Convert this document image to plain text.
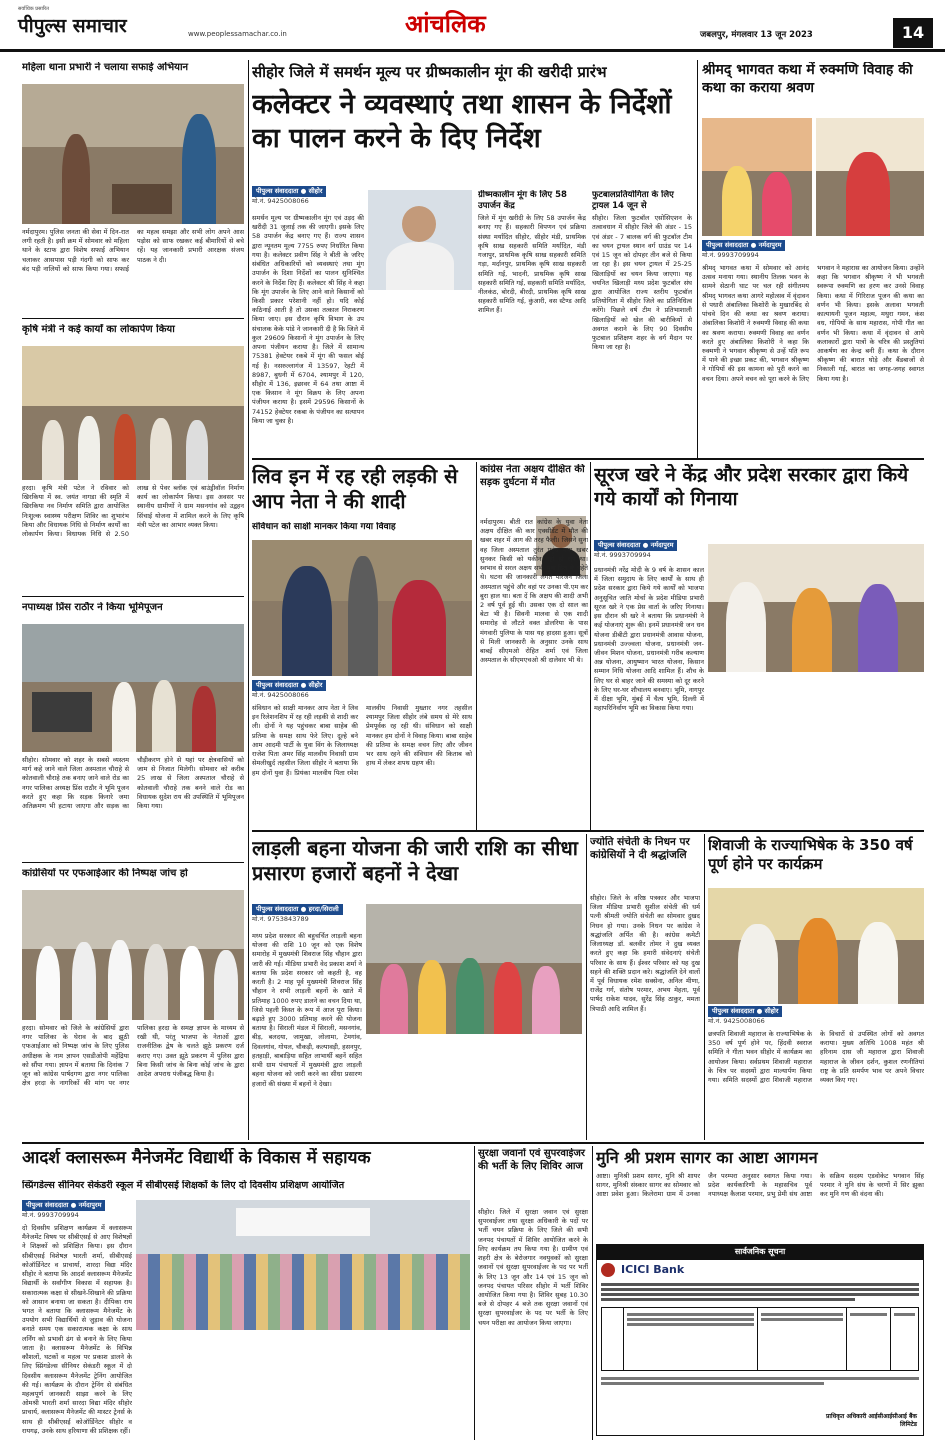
सर्वाधिक प्रसारित
पीपुल्स समाचार	www.peoplessamachar.co.in	आंचलिक	जबलपुर, मंगलवार 13 जून 2023	14
महिला थाना प्रभारी ने चलाया सफाई अभियान
नर्मदापुरम। पुलिस जनता की सेवा में दिन-रात लगी रहती है। इसी क्रम में सोमवार को महिला थाने के स्टाफ द्वारा विशेष सफाई अभियान चलाकर आसपास पड़ी गंदगी को साफ कर बंद पड़ी नालियों को साफ किया गया। सफाई का महत्व समझा और सभी लोग अपने आस पड़ोस को साफ रखकर कई बीमारियों से बचे रहें। यह जानकारी प्रभारी आरक्षक संजय पाठक ने दी।
कृषि मंत्री ने कई कार्यों का लोकार्पण किया
हरदा। कृषि मंत्री पटेल ने रविवार को खिरकिया में स्व. जयंत नागडा की स्मृति में खिरकिया नव निर्माण समिति द्वारा आयोजित निःशुल्क स्वास्थ्य परीक्षण शिविर का शुभारंभ किया और विधायक निधि से निर्माण कार्यों का लोकार्पण किया। विधायक निधि से 2.50 लाख से पेवर ब्लॉक एवं बाउंड्रीवॉल निर्माण कार्य का लोकार्पण किया। इस अवसर पर स्थानीय ग्रामीणों ने ग्राम मसनगांव को उद्वहन सिंचाई योजना में शामिल करने के लिए कृषि मंत्री पटेल का आभार व्यक्त किया।
नपाध्यक्ष प्रिंस राठौर ने किया भूमिपूजन
सीहोर। सोमवार को शहर के सबसे व्यस्तम मार्ग कहे जाने वाले जिला अस्पताल चौराहे से कोतवाली चौराहे तक बनाए जाने वाले रोड का नगर पालिका अध्यक्ष प्रिंस राठौर ने भूमि पूजन करते हुए कहा कि सड़क किनारे जमा अतिक्रमण भी हटाया जाएगा और सड़क का चौड़ीकरण होने से यहां पर क्षेत्रवासियों को जाम से निजात मिलेगी। सोमवार को करीब 25 लाख से जिला अस्पताल चौराहे से कोतवाली चौराहे तक बनने वाले रोड का विधायक सुदेश राय की उपस्थिति में भूमिपूजन किया गया।
कांग्रेसियों पर एफआईआर की निष्पक्ष जांच हो
हरदा। सोमवार को जिले के कांग्रेसियों द्वारा नगर पालिका के घेराव के बाद झूठी एफआईआर को निष्पक्ष जांच के लिए पुलिस अधीक्षक के नाम ज्ञापन एसडीओपी महेंद्रिया को सौंपा गया। ज्ञापन में बताया कि दिनांक 7 जून को कांग्रेस पार्षदगण द्वारा नगर पालिका क्षेत्र हरदा के नागरिकों की मांग पर नगर पालिका हरदा के समक्ष ज्ञापन के माध्यम से रखी थी, परंतु भाजपा के नेताओं द्वारा राजनीतिक द्वेष के चलते झूठे प्रकरण दर्ज कराए गए। उक्त झूठे प्रकरण में पुलिस द्वारा बिना किसी जांच के बिना कोई जांच के द्वारा आदेश अपराध पंजीबद्ध किया है।
सीहोर जिले में समर्थन मूल्य पर ग्रीष्मकालीन मूंग की खरीदी प्रारंभ
कलेक्टर ने व्यवस्थाएं तथा शासन के निर्देशों का पालन करने के दिए निर्देश
पीपुल्स संवाददाता ● सीहोर
मो.नं. 9425008066
समर्थन मूल्य पर ग्रीष्मकालीन मूंग एवं उड़द की खरीदी 31 जुलाई तक की जाएगी। इसके लिए 58 उपार्जन केंद्र बनाए गए हैं। राज्य शासन द्वारा न्यूनतम मूल्य 7755 रुपए निर्धारित किया गया है। कलेक्टर प्रवीण सिंह ने बीती के जरिए संबंधित अधिकारियों को व्यवस्थाएं तथा मूंग उपार्जन के दिशा निर्देशों का पालन सुनिश्चित करने के निर्देश दिए हैं। कलेक्टर श्री सिंह ने कहा कि मूंग उपार्जन के लिए आने वाले किसानों को किसी प्रकार परेशानी नहीं हो। यदि कोई कठिनाई आती है तो उसका तत्काल निराकरण किया जाए। इस दौरान कृषि विभाग के उप संचालक केके पांडे ने जानकारी दी है कि जिले में कुल 29609 किसानों ने मूंग उपार्जन के लिए अपना पंजीयन कराया है। जिले में सामान्य 75381 हेक्टेयर रकबे में मूंग की फसल बोई गई है। नसरुल्लागंज में 13597, रेहटी में 8987, बुधनी में 6704, श्यामपुर में 120, सीहोर में 136, इछावर में 64 तथा आष्टा में एक किसान ने मूंग विक्रय के लिए अपना पंजीयन कराया है। इसमें 29596 किसानों के 74152 हेक्टेयर रकबा के पंजीयन का सत्यापन किया जा चुका है।
ग्रीष्मकालीन मूंग के लिए 58 उपार्जन केंद्र
जिले में मूंग खरीदी के लिए 58 उपार्जन केंद्र बनाए गए हैं। सहकारी विपणन एवं प्रक्रिया संस्था मर्यादित सीहोर, सीहोर मंडी, प्राथमिक कृषि साख सहकारी समिति मर्यादित, मंडी गजापुर, प्राथमिक कृषि साख सहकारी समिति गड़ा, मर्दानपुर, प्राथमिक कृषि साख सहकारी समिति गई, भादनी, प्राथमिक कृषि साख सहकारी समिति गई, सहकारी समिति मर्यादित, नीलकंठ, बोरदी, बीरदी, प्राथमिक कृषि साख सहकारी समिति गई, कुंआरी, वस स्टैण्ड आदि शामिल हैं।
फुटबालप्रतियोगिता के लिए ट्रायल 14 जून से
सीहोर। जिला फुटबॉल एसोसिएशन के तत्वावधान में सीहोर जिले की अंडर - 15 एवं अंडर - 7 बालक वर्ग की फुटबॉल टीम का चयन ट्रायल स्थान वर्ग ग्राउंड पर 14 एवं 15 जून को दोपहर तीन बजे से किया जा रहा है। इस चयन ट्रायल में 25-25 खिलाड़ियों का चयन किया जाएगा। यह चयनित खिलाड़ी मध्य प्रदेश फुटबॉल संघ द्वारा आयोजित राज्य स्तरीय फुटबॉल प्रतियोगिता में सीहोर जिले का प्रतिनिधित्व करेंगे। पिछले वर्ष टीम ने प्रतिभाशाली खिलाड़ियों को खेल की बारीकियों से अवगत कराने के लिए 90 दिवसीय फुटबाल प्रशिक्षण शहर के वर्ग मैदान पर किया जा रहा है।
श्रीमद् भागवत कथा में रुक्मणि विवाह की कथा का कराया श्रवण
पीपुल्स संवाददाता ● नर्मदापुरम
मो.नं. 9993709994
श्रीमद् भागवत कथा में सोमवार को आनंद उत्सव मनाया गया। स्थानीय तिलक भवन के सामने सेठानी घाट पर चल रही संगीतमय श्रीमद् भागवत कथा आगरे महोत्सव में वृंदावन से पधारी अंबालिका किशोरी के मुखारबिंद से पांचवे दिन की कथा का श्रवण कराया। अंबालिका किशोरी ने रुक्मणी विवाह की कथा का श्रवण कराया। रुक्मणी विवाह का वर्णन करते हुए अंबालिका किशोरी ने कहा कि रुक्मणी ने भगवान श्रीकृष्ण से उन्हें पति रूप में पाने की इच्छा प्रकट की, भगवान श्रीकृष्ण ने गोपियों की इस कामना को पूरी करने का वचन दिया। अपने वचन को पूरा करने के लिए भगवान ने महारास का आयोजन किया। उन्होंने कहा कि भगवान श्रीकृष्ण ने भी भगवती स्वरूपा रुक्मणि का हरण कर उनसे विवाह किया। कथा में गिरिराज पूजन की कथा का वर्णन भी किया। इसके अलावा भगवती कात्यायनी पूजन महात्म, मथुरा गमन, कंस वध, गोपियों के साथ महारास, गोपी गीत का वर्णन भी किया। कथा में वृंदावन से आये कलाकारों द्वारा पात्रों के चरित्र की प्रस्तुतियां आकर्षण का केन्द्र बनी हैं। कथा के दौरान श्रीकृष्ण की बारात घोड़े और बैंडबाजों से निकाली गई, बारात का जगह-जगह स्वागत किया गया है।
लिव इन में रह रही लड़की से आप नेता ने की शादी
संविधान को साक्षी मानकर किया गया विवाह
पीपुल्स संवाददाता ● सीहोर
मो.नं. 9425008066
संविधान को साक्षी मानकर आप नेता ने लिव इन रिलेशनशिप में रह रही लड़की से शादी कर ली। दोनों ने यह पहुंचकर बाबा साहेब की प्रतिमा के समक्ष साथ फेरे लिए। दूल्हे बने आम आदमी पार्टी के युवा विंग के जिलाध्यक्ष राजेश पिता अमर सिंह मालवीय निवासी ग्राम सेमलीखुर्द तहसील जिला सीहोर ने बताया कि हम दोनों युवा हैं। प्रियंका मालवीय पिता रमेश मालवीय निवासी मुख्तार नगर तहसील श्यामपुर जिला सीहोर लंबे समय से मेरे साथ प्रेमपूर्वक रह रही थी। संविधान को साक्षी मानकर हम दोनों ने विवाह किया। बाबा साहेब की प्रतिमा के समक्ष वचन लिए और जीवन भर साथ रहने की संविधान की किताब को हाथ में लेकर शपथ ग्रहण की।
कांग्रेस नेता अक्षय दीक्षित की सड़क दुर्घटना में मौत
नर्मदापुरम। बीती रात कांग्रेस के युवा नेता अक्षय दीक्षित की कार एक्सीडेंट में मौत की खबर शहर में आग की तरह फैली। जिसने सुना वह जिला अस्पताल तुरंत पहुंच गया खबर सुनकर किसी को यकीन नहीं हो रहा था। स्वभाव से सरल अक्षय सभी युवा दिल के चहेते थे। घटना की जानकारी लगते परिजन जिला अस्पताल पहुंचे और वहां पर उनका पी.एम कर बुरा हाल था। बता दें कि अक्षय की शादी अभी 2 वर्ष पूर्व हुई थी। उसका एक दो साल का बेटा भी है। सिवनी मालवा से एक शादी समारोह से लौटते वक्त डोलरिया के पास मंगवारी पुलिया के पास यह हादसा हुआ। सूत्रों से मिली जानकारी के अनुसार उनके साथ बाबई सीएमओ रोहित शर्मा एवं जिला अस्पताल के सीएमएचओ श्री दालेवार भी थे।
सूरज खरे ने केंद्र और प्रदेश सरकार द्वारा किये गये कार्यों को गिनाया
पीपुल्स संवाददाता ● नर्मदापुरम
मो.नं. 9993709994
प्रधानमंत्री नरेंद्र मोदी के 9 वर्ष के शासन काल में जिला समुदाय के लिए कार्यों के साथ ही प्रदेश सरकार द्वारा किये गये कार्यों को भाजपा अनुसूचित जाति मोर्चा के प्रदेश मीडिया प्रभारी सूरज खरे ने एक प्रेस वार्ता के जरिए गिनाया। इस दौरान श्री खरे ने बताया कि प्रधानमंत्री ने कई योजनाएं शुरू की। इनमें प्रधानमंत्री जन धन योजना डीबीटी द्वारा प्रधानमंत्री आवास योजना, प्रधानमंत्री उज्ज्वला योजना, प्रधानमंत्री जन-जीवन मिशन योजना, प्रधानमंत्री गरीब कल्याण अन्न योजना, आयुष्मान भारत योजना, किसान सम्मान निधि योजना आदि शामिल हैं। शौच के लिए घर से बाहर जाने की समस्या को दूर करने के लिए घर-घर शौचालय बनवाए। भूमि, नागपुर में दीक्षा भूमि, मुंबई में चैत्य भूमि, दिल्ली में महापरिनिर्वाण भूमि का विकास किया गया।
लाड़ली बहना योजना की जारी राशि का सीधा प्रसारण हजारों बहनों ने देखा
पीपुल्स संवाददाता ● हरदा/सिराली
मो.नं. 9753843789
मध्य प्रदेश सरकार की बहुचर्चित लाड़ली बहना योजना की राशि 10 जून को एक विशेष समारोह में मुख्यमंत्री शिवराज सिंह चौहान द्वारा जारी की गई। मीडिया प्रभारी वेद प्रकाश शर्मा ने बताया कि प्रदेश सरकार जो कहती है, वह करती है। 2 माह पूर्व मुख्यमंत्री शिवराज सिंह चौहान ने सभी लाड़ली बहनों के खाते में प्रतिमाह 1000 रुपए डालने का वचन दिया था, जिसे पहली किस्त के रूप में आज पूरा किया। बढ़ाते हुए 3000 प्रतिमाह करने की योजना बताया है। सिराली मंडल में सिराली, मसनगांव, बीड़, बलदया, जामुखा, लोलामा, टेमगांव, दिवलगांव, गोयल, चौकड़ी, कल्पावड़ी, हसनपुर, हतहाड़ी, बाबाड़िया सहित लाभार्थी बहनें सहित सभी ग्राम पंचायतों में मुख्यमंत्री द्वारा लाड़ली बहना योजना को जारी करने का सीधा प्रसारण हजारों की संख्या में बहनों ने देखा।
ज्योति संचेती के निधन पर कांग्रेसियों ने दी श्रद्धांजलि
सीहोर। जिले के वरिष्ठ पत्रकार और भाजपा जिला मीडिया प्रभारी सुशील संचेती की धर्म पत्नी श्रीमती ज्योति संचेती का सोमवार दुखद निधन हो गया। उनके निधन पर कांग्रेस ने श्रद्धांजलि अर्पित की है। कांग्रेस कमेटी जिलाध्यक्ष डॉ. बलवीर तोमर ने दुख व्यक्त करते हुए कहा कि हमारी संवेदनाएं संचेती परिवार के साथ हैं। ईश्वर परिवार को यह दुख सहने की शक्ति प्रदान करे। श्रद्धांजलि देने वालों में पूर्व विधायक रमेश सक्सेना, अनिल मीणा, राजेंद्र गर्ग, संतोष परमार, अभय मेहता, पूर्व पार्षद राकेश यादव, सुरेंद्र सिंह ठाकुर, ममता त्रिपाठी आदि शामिल हैं।
शिवाजी के राज्याभिषेक के 350 वर्ष पूर्ण होने पर कार्यक्रम
पीपुल्स संवाददाता ● सीहोर
मो.नं. 9425008066
छत्रपति शिवाजी महाराज के राज्याभिषेक के 350 वर्ष पूर्ण होने पर, हिंदवी स्वराज समिति ने गीता भवन सीहोर में कार्यक्रम का आयोजन किया। सर्वप्रथम शिवाजी महाराज के चित्र पर सदस्यों द्वारा माल्यार्पण किया गया। समिति सदस्यों द्वारा शिवाजी महाराज के विचारों से उपस्थित लोगों को अवगत कराया। मुख्य अतिथि 1008 महंत श्री हरिनाम दास जी महाराज द्वारा शिवाजी महाराज के जीवन दर्शन, कुशल रणनीतियां राष्ट्र के प्रति समर्पण भाव पर अपने विचार व्यक्त किए गए।
आदर्श क्लासरूम मैनेजमेंट विद्यार्थी के विकास में सहायक
स्प्रिंगडेल्स सीनियर सेकंडरी स्कूल में सीबीएसई शिक्षकों के लिए दो दिवसीय प्रशिक्षण आयोजित
पीपुल्स संवाददाता ● नर्मदापुरम
मो.नं. 9993709994
दो दिवसीय प्रशिक्षण कार्यक्रम में क्लासरूम मैनेजमेंट विषय पर सीबीएसई से आए विशेषज्ञों ने शिक्षकों को प्रशिक्षित किया। इस दौरान सीबीएसई विशेषज्ञ भारती शर्मा, सीबीएसई कोऑर्डिनेटर व प्राचार्या, शारदा विद्या मंदिर सीहोर ने बताया कि आदर्श क्लासरूम मैनेजमेंट विद्यार्थी के सर्वांगीण विकास में सहायक है। सकारात्मक कक्षा से सीखने-सिखाने की प्रक्रिया को आसान बनाया जा सकता है। दीपिका राय भगत ने बताया कि क्लासरूम मैनेजमेंट के उपयोग सभी विद्यार्थियों से जुड़ाव की योजना बनाते समय एक सकारात्मक कक्षा के साथ लर्निंग को प्रभावी ढंग से बनाने के लिए किया जाता है। क्लासरूम मैनेजमेंट के विभिन्न कौशलों, घटकों व महत्व पर प्रकाश डालने के लिए स्प्रिंगडेल्स सीनियर सेकंडरी स्कूल में दो दिवसीय क्लासरूम मैनेजमेंट ट्रेनिंग आयोजित की गई। कार्यक्रम के दौरान ट्रेनिंग से संबंधित महत्वपूर्ण जानकारी साझा करने के लिए ओमश्री भारती शर्मा सारदा विद्या मंदिर सीहोर प्राचार्य, क्लासरूम मैनेजमेंट की मास्टर ट्रेनर्स के साथ ही सीबीएसई कोऑर्डिनेटर सीहोर व रायगढ़, उनके साथ हरियाणा की प्रशिक्षक रहीं।
सुरक्षा जवानों एवं सुपरवाईजर की भर्ती के लिए शिविर आज
सीहोर। जिले में सुरक्षा जवान एवं सुरक्षा सुपरवाईजर तथा सुरक्षा अधिकारी के पदों पर भर्ती चयन प्रक्रिया के लिए जिले की सभी जनपद पंचायतों में शिविर आयोजित करने के लिए कार्यक्रम तय किया गया है। ग्रामीण एवं शहरी क्षेत्र के बेरोजगार नवयुवकों को सुरक्षा जवानों एवं सुरक्षा सुपरवाईजर के पद पर भर्ती के लिए 13 जून और 14 एवं 15 जून को जनपद पंचायत परिसर सीहोर में भर्ती शिविर आयोजित किया गया है। शिविर सुबह 10.30 बजे से दोपहर 4 बजे तक सुरक्षा जवानों एवं सुरक्षा सुपरवाईजर के पद पर भर्ती के लिए चयन परीक्षा का आयोजन किया जाएगा।
मुनि श्री प्रशम सागर का आष्टा आगमन
आष्टा। मुनिश्री प्रशम सागर, मुनि श्री शायर सागर, मुनिश्री संस्कार सागर का सोमवार को आष्टा प्रवेश हुआ। किलेरामा ग्राम में उनका जैन परम्परा अनुसार स्वागत किया गया। प्रदेश कार्यकारिणी के महासचिव पूर्व नपाध्यक्ष कैलाश परमार, प्रभु प्रेमी संघ आष्टा के सक्रिय सदस्य एडवोकेट भगवान सिंह परमार ने मुनि संघ के चरणों में सिर झुका कर मुनि गण की वंदना की।
सार्वजनिक सूचना
ICICI Bank
प्राधिकृत अधिकारी आईसीआईसीआई बैंक लिमिटेड
